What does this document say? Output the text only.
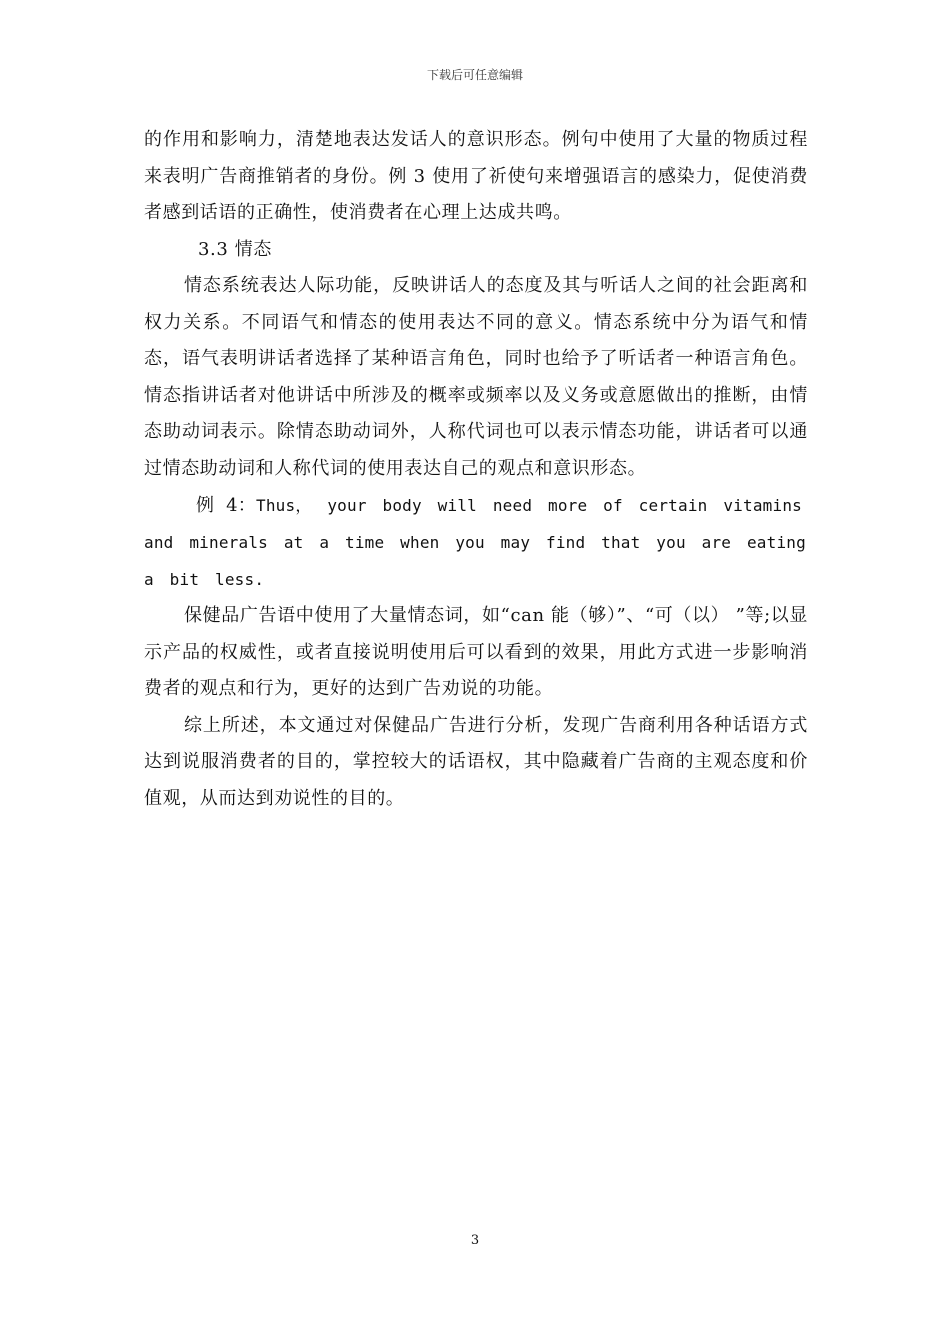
下载后可任意编辑

的作用和影响力，清楚地表达发话人的意识形态。例句中使用了大量的物质过程来表明广告商推销者的身份。例 3 使用了祈使句来增强语言的感染力，促使消费者感到话语的正确性，使消费者在心理上达成共鸣。

3.3 情态

情态系统表达人际功能，反映讲话人的态度及其与听话人之间的社会距离和权力关系。不同语气和情态的使用表达不同的意义。情态系统中分为语气和情态，语气表明讲话者选择了某种语言角色，同时也给予了听话者一种语言角色。情态指讲话者对他讲话中所涉及的概率或频率以及义务或意愿做出的推断，由情态助动词表示。除情态助动词外，人称代词也可以表示情态功能，讲话者可以通过情态助动词和人称代词的使用表达自己的观点和意识形态。

例 4：Thus， your body will need more of certain vitamins and minerals at a time when you may find that you are eating a bit less.

保健品广告语中使用了大量情态词，如“can 能（够）”、“可（以） ”等;以显示产品的权威性，或者直接说明使用后可以看到的效果，用此方式进一步影响消费者的观点和行为，更好的达到广告劝说的功能。

综上所述，本文通过对保健品广告进行分析，发现广告商利用各种话语方式达到说服消费者的目的，掌控较大的话语权，其中隐藏着广告商的主观态度和价值观，从而达到劝说性的目的。

3
